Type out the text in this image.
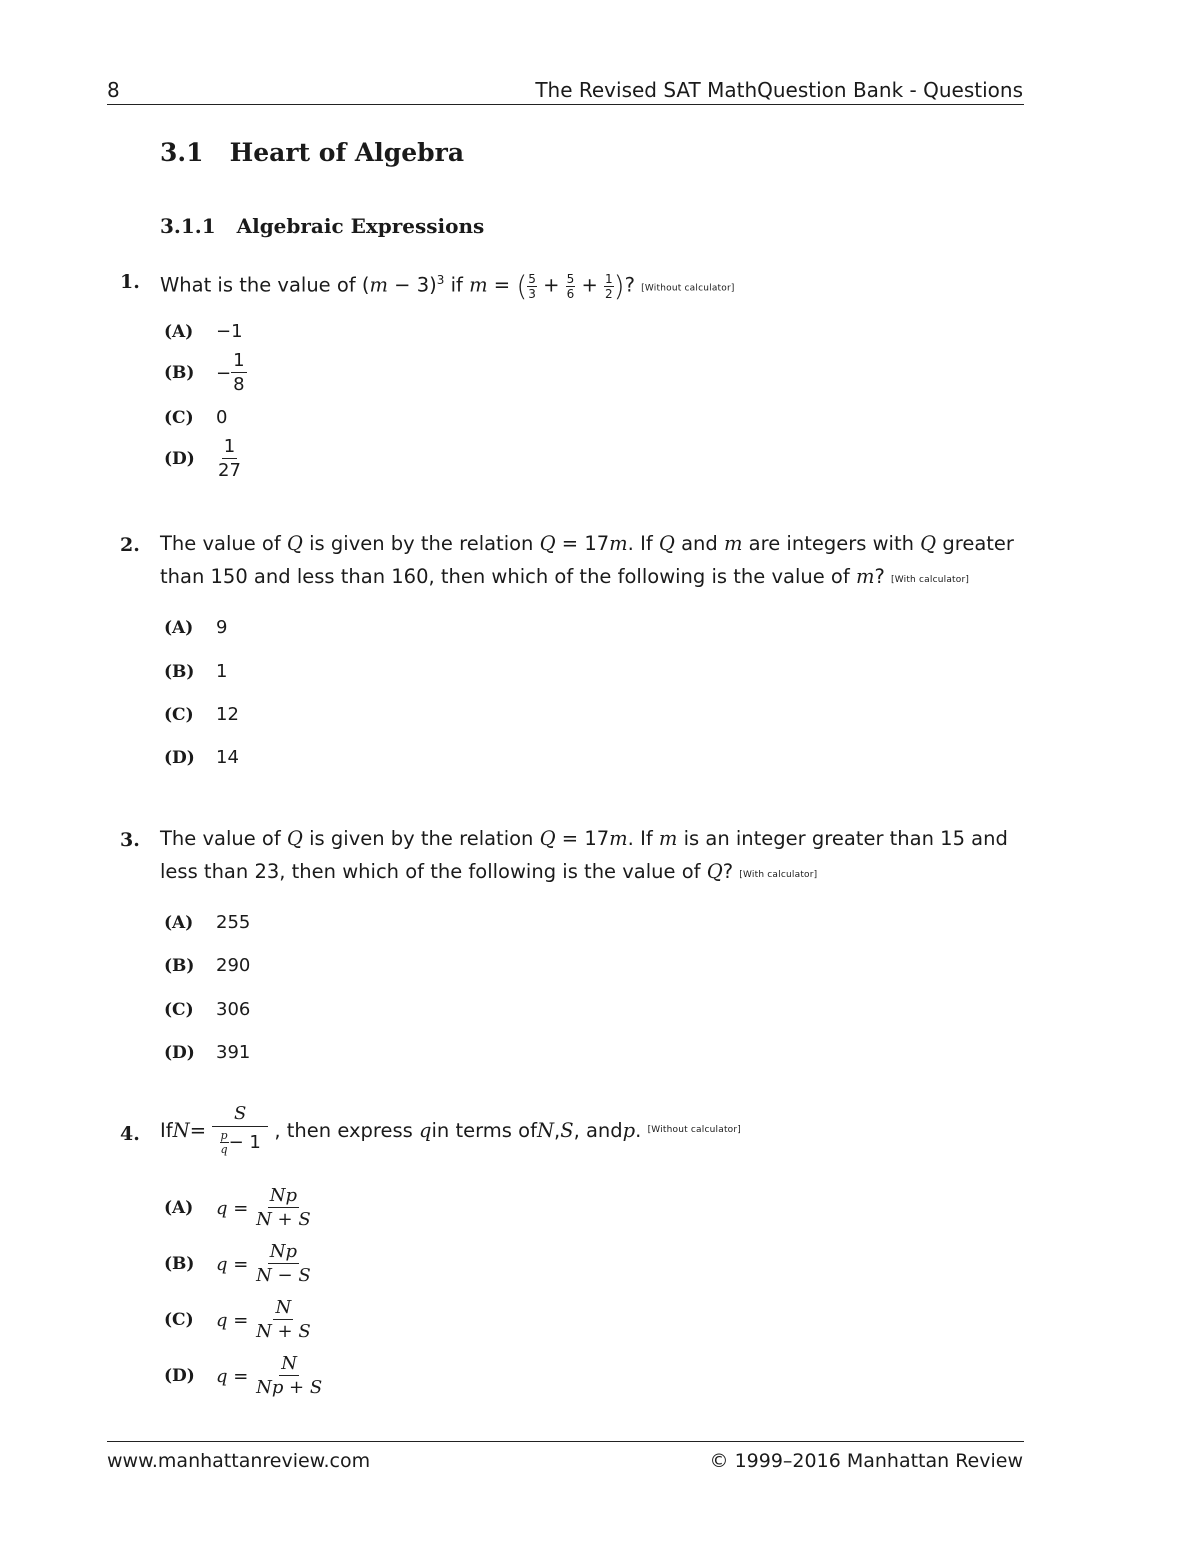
8	The Revised SAT MathQuestion Bank - Questions
3.1 Heart of Algebra
3.1.1 Algebraic Expressions
1. What is the value of $(m - 3)^3$ if m = ( $\frac{5}{3} + \frac{5}{6} + \frac{1}{2}$ )? [Without calculator]
(A)	−1
(B)	− $\frac{1}{8}$
(C)	0
(D)	$\frac{1}{27}$
2. The value of Q is given by the relation Q = 17m. If Q and m are integers with Q greater
than 150 and less than 160, then which of the following is the value of m? [With calculator]
(A)	9
(B)	1
(C)	12
(D)	14
3. The value of Q is given by the relation Q = 17m. If m is an integer greater than 15 and
less than 23, then which of the following is the value of Q? [With calculator]
(A)	255
(B)	290
(C)	306
(D)	391
4. If $N = \frac{S}{\frac{p}{q} - 1}$ , then express
q in terms of N , S , and p .
[Without calculator]
(A)	$q = \frac{Np}{N + S}$
(B)	$q = \frac{Np}{N - S}$
(C)	$q = \frac{N}{N + S}$
(D)	$q = \frac{N}{Np + S}$
www.manhattanreview.com	© 1999–2016 Manhattan Review
